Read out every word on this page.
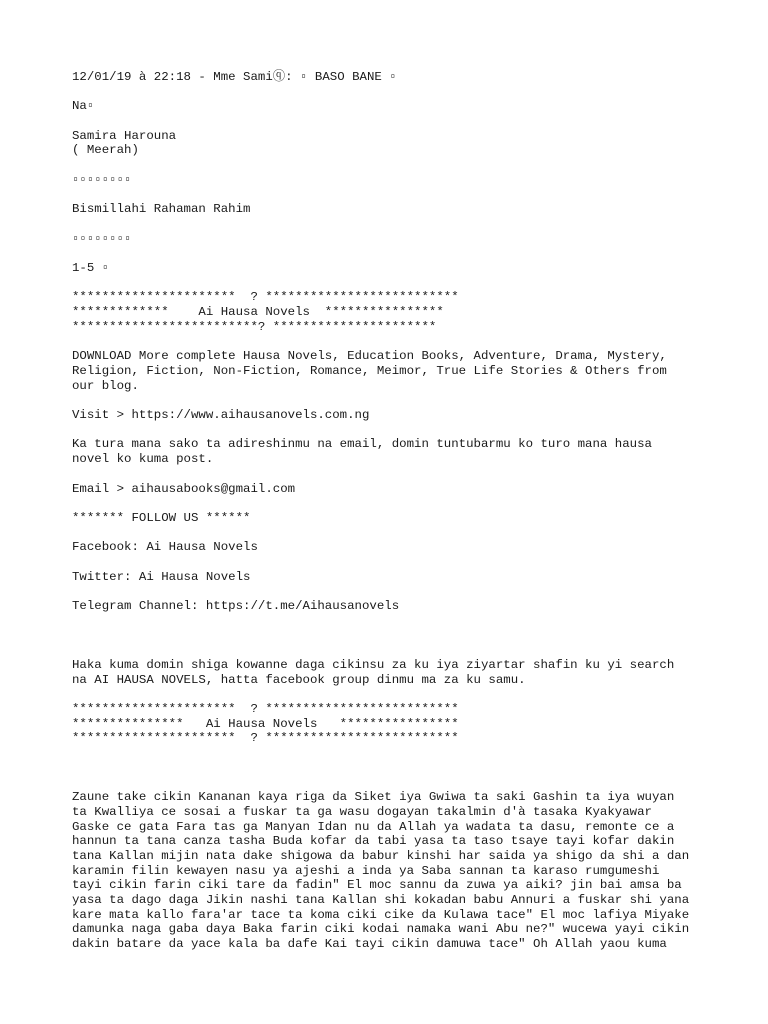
12/01/19 à 22:18 - Mme Samiⓠ: ▫ BASO BANE ▫
Na▫
Samira Harouna
( Meerah)
▫▫▫▫▫▫▫▫
Bismillahi Rahaman Rahim
▫▫▫▫▫▫▫▫
1-5 ▫
**********************  ? **************************
*************    Ai Hausa Novels  ****************
*************************? **********************
DOWNLOAD More complete Hausa Novels, Education Books, Adventure, Drama, Mystery,
Religion, Fiction, Non-Fiction, Romance, Meimor, True Life Stories & Others from
our blog.
Visit > https://www.aihausanovels.com.ng
Ka tura mana sako ta adireshinmu na email, domin tuntubarmu ko turo mana hausa
novel ko kuma post.
Email > aihausabooks@gmail.com
******* FOLLOW US ******
Facebook: Ai Hausa Novels
Twitter: Ai Hausa Novels
Telegram Channel: https://t.me/Aihausanovels
Haka kuma domin shiga kowanne daga cikinsu za ku iya ziyartar shafin ku yi search
na AI HAUSA NOVELS, hatta facebook group dinmu ma za ku samu.
**********************  ? **************************
***************   Ai Hausa Novels   ****************
**********************  ? **************************
Zaune take cikin Kananan kaya riga da Siket iya Gwiwa ta saki Gashin ta iya wuyan
ta Kwalliya ce sosai a fuskar ta ga wasu dogayan takalmin d'à tasaka Kyakyawar
Gaske ce gata Fara tas ga Manyan Idan nu da Allah ya wadata ta dasu, remonte ce a
hannun ta tana canza tasha Buda kofar da tabi yasa ta taso tsaye tayi kofar dakin
tana Kallan mijin nata dake shigowa da babur kinshi har saida ya shigo da shi a dan
karamin filin kewayen nasu ya ajeshi a inda ya Saba sannan ta karaso rumgumeshi
tayi cikin farin ciki tare da fadin" El moc sannu da zuwa ya aiki? jin bai amsa ba
yasa ta dago daga Jikin nashi tana Kallan shi kokadan babu Annuri a fuskar shi yana
kare mata kallo fara'ar tace ta koma ciki cike da Kulawa tace" El moc lafiya Miyake
damunka naga gaba daya Baka farin ciki kodai namaka wani Abu ne?" wucewa yayi cikin
dakin batare da yace kala ba dafe Kai tayi cikin damuwa tace" Oh Allah yaou kuma
